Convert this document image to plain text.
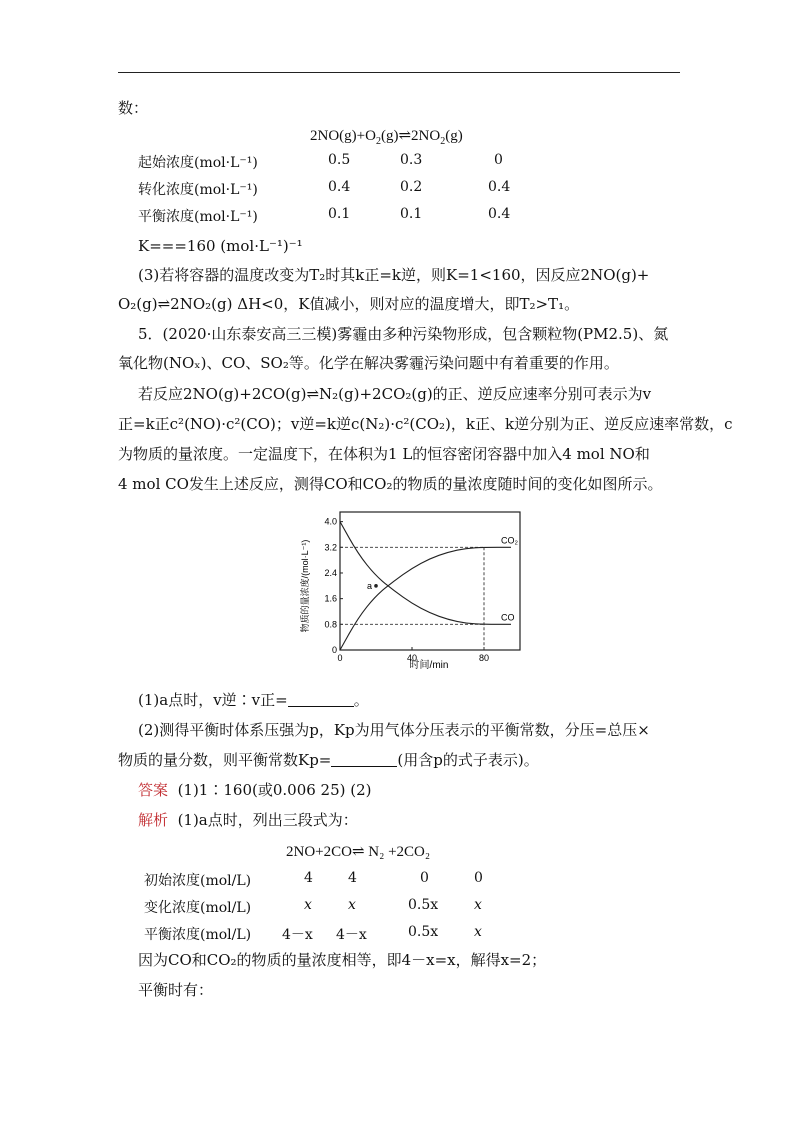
数：
$2NO(g)+O_2(g)\rightleftharpoons 2NO_2(g)$
起始浓度(mol·L⁻¹)	0.5	0.3	0
转化浓度(mol·L⁻¹)	0.4	0.2	0.4
平衡浓度(mol·L⁻¹)	0.1	0.1	0.4
K===160 (mol·L⁻¹)⁻¹
(3)若将容器的温度改变为T₂时其k正=k逆，则K=1<160，因反应2NO(g)+
O₂(g)⇌2NO₂(g) ΔH<0，K值减小，则对应的温度增大，即T₂>T₁。
5．(2020·山东泰安高三三模)雾霾由多种污染物形成，包含颗粒物(PM2.5)、氮
氧化物(NOₓ)、CO、SO₂等。化学在解决雾霾污染问题中有着重要的作用。
若反应2NO(g)+2CO(g)⇌N₂(g)+2CO₂(g)的正、逆反应速率分别可表示为v
正=k正c²(NO)·c²(CO)；v逆=k逆c(N₂)·c²(CO₂)，k正、k逆分别为正、逆反应速率常数，c
为物质的量浓度。一定温度下，在体积为1 L的恒容密闭容器中加入4 mol NO和
4 mol CO发生上述反应，测得CO和CO₂的物质的量浓度随时间的变化如图所示。
0
0.8
1.6
2.4
3.2
4.0
0	40	80
CO₂
CO
a
时间/min
物质的量浓度/(mol·L⁻¹)
(1)a点时，v逆∶v正=	。
(2)测得平衡时体系压强为p，Kp为用气体分压表示的平衡常数，分压=总压×
物质的量分数，则平衡常数Kp=	(用含p的式子表示)。
答案 (1)1∶160(或0.006 25) (2)
解析 (1)a点时，列出三段式为：
2NO+2CO⇌ N₂ +2CO₂
初始浓度(mol/L)	4	4	0	0
变化浓度(mol/L)	x	x	0.5x	x
平衡浓度(mol/L) 4－x 4－x	0.5x	x
因为CO和CO₂的物质的量浓度相等，即4－x=x，解得x=2；
平衡时有：
